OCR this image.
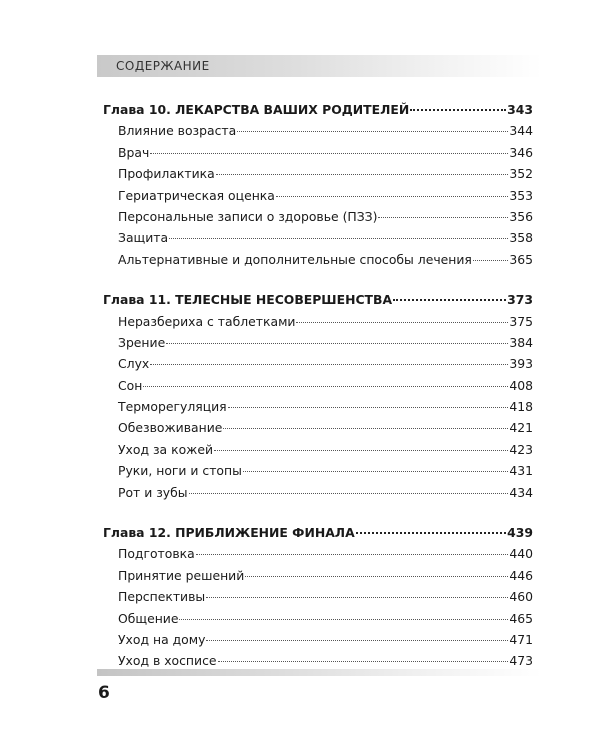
СОДЕРЖАНИЕ
Глава 10. ЛЕКАРСТВА ВАШИХ РОДИТЕЛЕЙ	343
Влияние возраста	344
Врач	346
Профилактика	352
Гериатрическая оценка	353
Персональные записи о здоровье (ПЗЗ)	356
Защита	358
Альтернативные и дополнительные способы лечения	365
Глава 11. ТЕЛЕСНЫЕ НЕСОВЕРШЕНСТВА	373
Неразбериха с таблетками	375
Зрение	384
Слух	393
Сон	408
Терморегуляция	418
Обезвоживание	421
Уход за кожей	423
Руки, ноги и стопы	431
Рот и зубы	434
Глава 12. ПРИБЛИЖЕНИЕ ФИНАЛА	439
Подготовка	440
Принятие решений	446
Перспективы	460
Общение	465
Уход на дому	471
Уход в хосписе	473
6
